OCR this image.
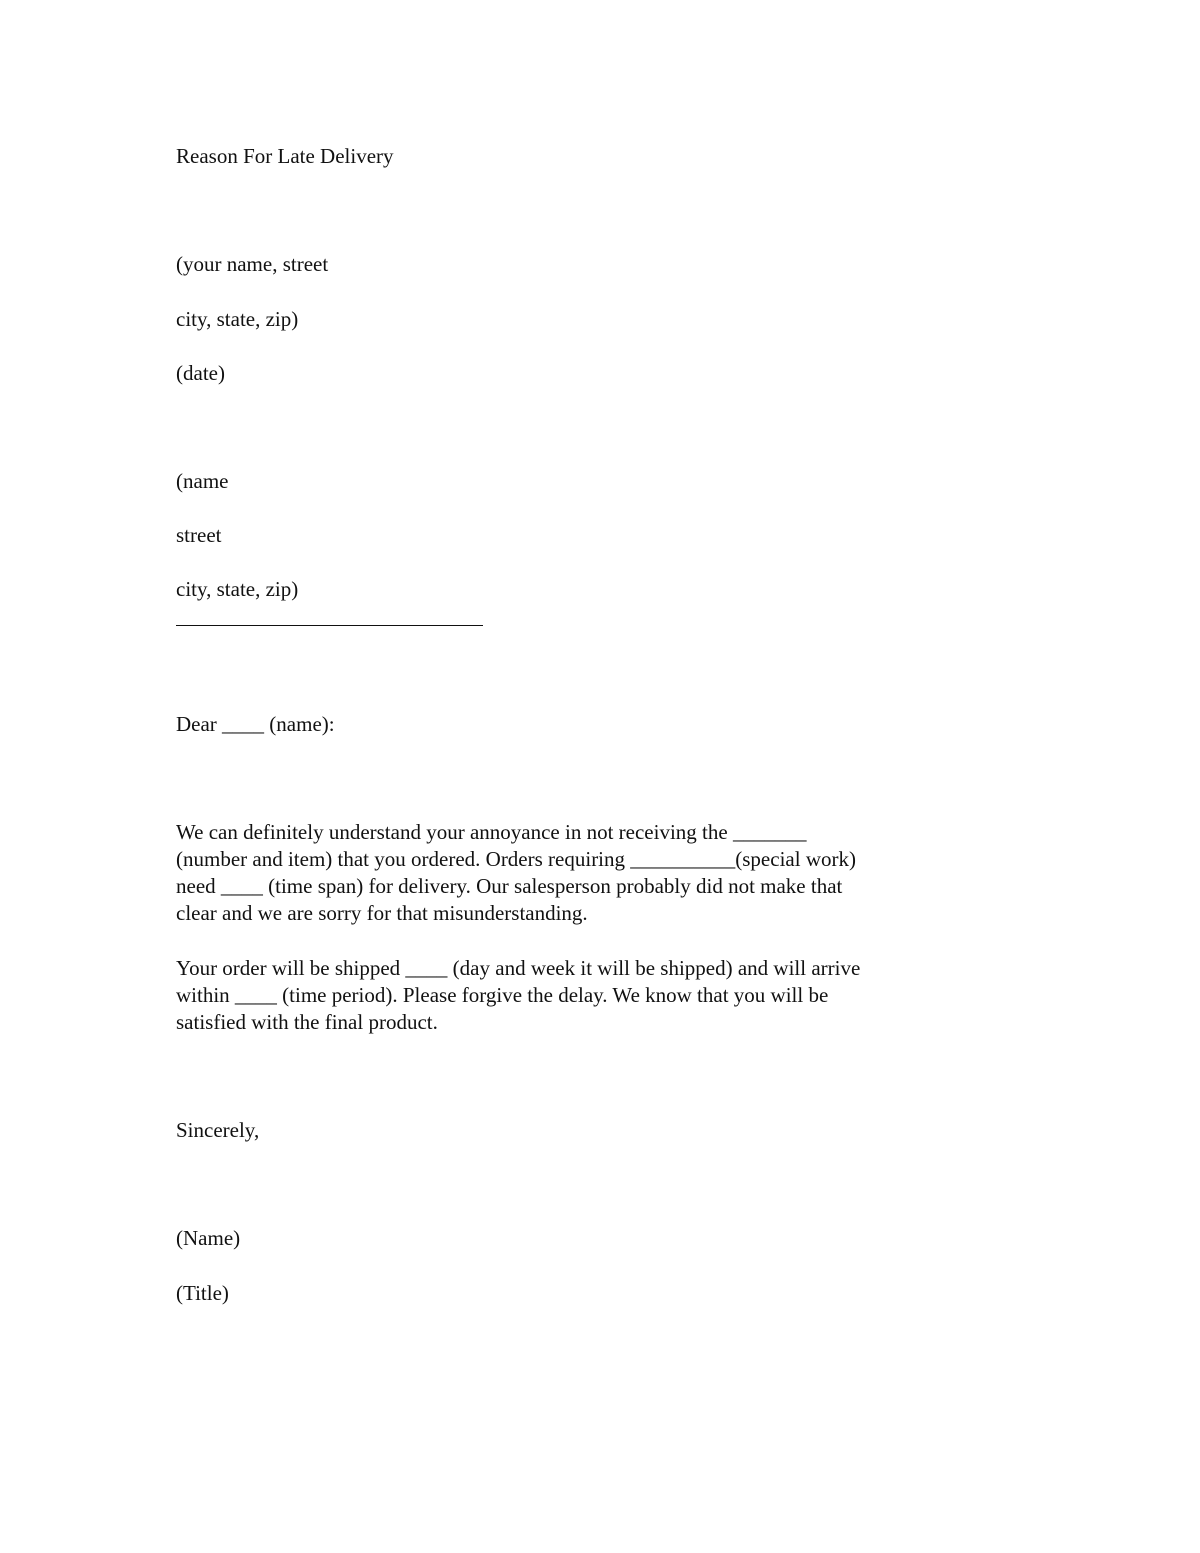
Reason For Late Delivery
(your name, street
city, state, zip)
(date)
(name
street
city, state, zip)
Dear ____ (name):
We can definitely understand your annoyance in not receiving the _______
(number and item) that you ordered. Orders requiring __________(special work)
need ____ (time span) for delivery. Our salesperson probably did not make that
clear and we are sorry for that misunderstanding.
Your order will be shipped ____ (day and week it will be shipped) and will arrive
within ____ (time period). Please forgive the delay. We know that you will be
satisfied with the final product.
Sincerely,
(Name)
(Title)
